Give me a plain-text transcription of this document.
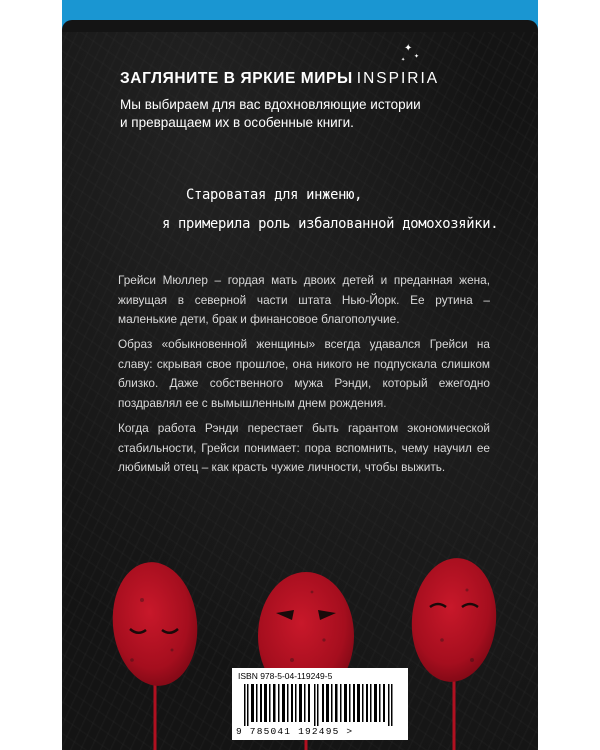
✦
✦
✦
ЗАГЛЯНИТЕ В ЯРКИЕ МИРЫ INSPIRIA
Мы выбираем для вас вдохновляющие истории
и превращаем их в особенные книги.
Староватая для инженю,
я примерила роль избалованной домохозяйки.
Грейси Мюллер – гордая мать двоих детей и преданная жена, живущая в северной части штата Нью-Йорк. Ее рутина – маленькие дети, брак и финансовое благополучие.
Образ «обыкновенной женщины» всегда удавался Грейси на славу: скрывая свое прошлое, она никого не подпускала слишком близко. Даже собственного мужа Рэнди, который ежегодно поздравлял ее с вымышленным днем рождения.
Когда работа Рэнди перестает быть гарантом экономической стабильности, Грейси понимает: пора вспомнить, чему научил ее любимый отец – как красть чужие личности, чтобы выжить.
ISBN 978-5-04-119249-5
9 785041 192495 >
